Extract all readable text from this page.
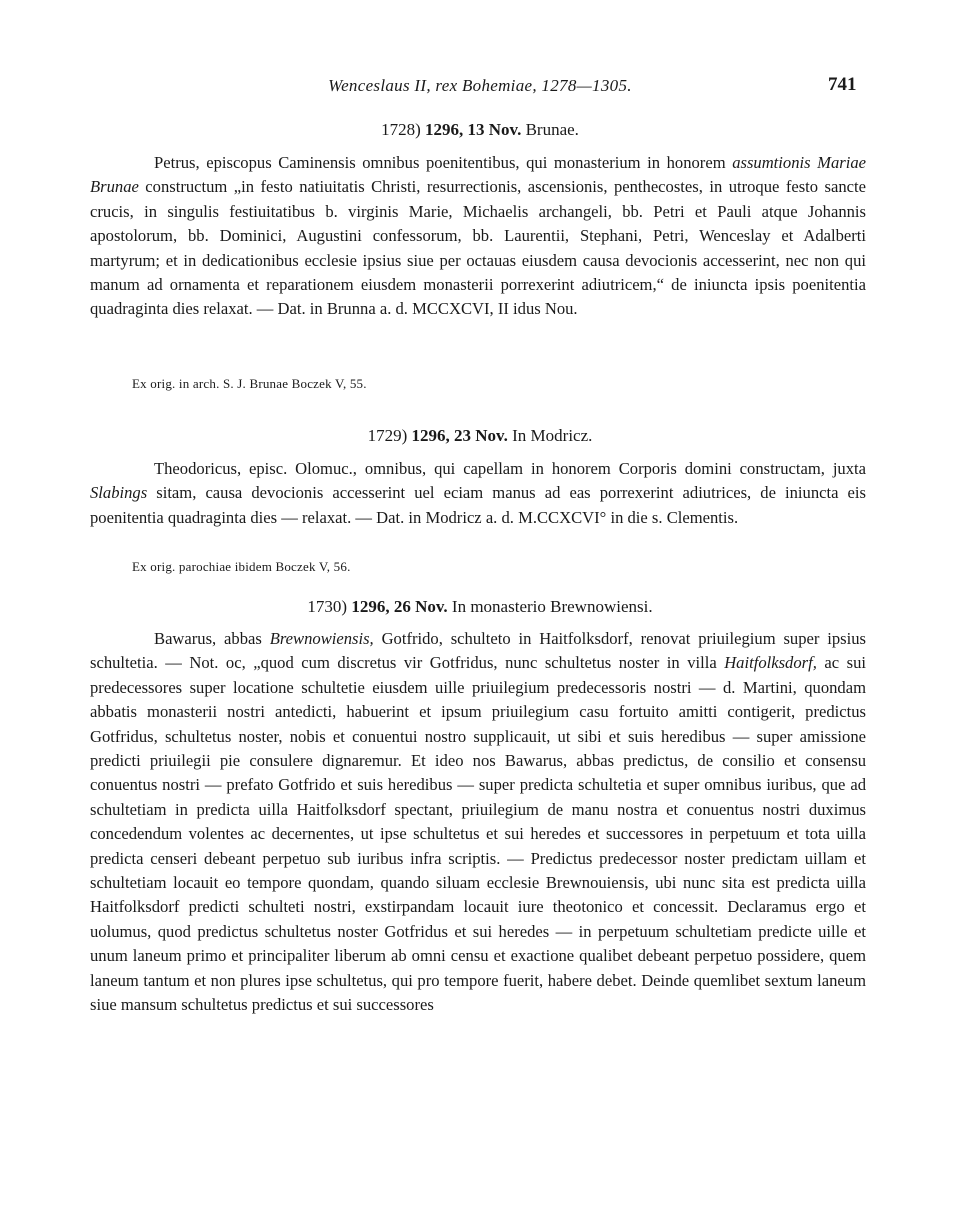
Wenceslaus II, rex Bohemiae, 1278—1305.	741
1728) 1296, 13 Nov. Brunae.
Petrus, episcopus Caminensis omnibus poenitentibus, qui monasterium in honorem assumtionis Mariae Brunae constructum „in festo natiuitatis Christi, resurrectionis, ascensionis, penthecostes, in utroque festo sancte crucis, in singulis festiuitatibus b. virginis Marie, Michaelis archangeli, bb. Petri et Pauli atque Johannis apostolorum, bb. Dominici, Augustini confessorum, bb. Laurentii, Stephani, Petri, Wenceslay et Adalberti martyrum; et in dedicationibus ecclesie ipsius siue per octauas eiusdem causa devocionis accesserint, nec non qui manum ad ornamenta et reparationem eiusdem monasterii porrexerint adiutricem,“ de iniuncta ipsis poenitentia quadraginta dies relaxat. — Dat. in Brunna a. d. MCCXCVI, II idus Nou.
Ex orig. in arch. S. J. Brunae Boczek V, 55.
1729) 1296, 23 Nov. In Modricz.
Theodoricus, episc. Olomuc., omnibus, qui capellam in honorem Corporis domini constructam, juxta Slabings sitam, causa devocionis accesserint uel eciam manus ad eas porrexerint adiutrices, de iniuncta eis poenitentia quadraginta dies — relaxat. — Dat. in Modricz a. d. M.CCXCVI° in die s. Clementis.
Ex orig. parochiae ibidem Boczek V, 56.
1730) 1296, 26 Nov. In monasterio Brewnowiensi.
Bawarus, abbas Brewnowiensis, Gotfrido, schulteto in Haitfolksdorf, renovat priuilegium super ipsius schultetia. — Not. oc, „quod cum discretus vir Gotfridus, nunc schultetus noster in villa Haitfolksdorf, ac sui predecessores super locatione schultetie eiusdem uille priuilegium predecessoris nostri — d. Martini, quondam abbatis monasterii nostri antedicti, habuerint et ipsum priuilegium casu fortuito amitti contigerit, predictus Gotfridus, schultetus noster, nobis et conuentui nostro supplicauit, ut sibi et suis heredibus — super amissione predicti priuilegii pie consulere dignaremur. Et ideo nos Bawarus, abbas predictus, de consilio et consensu conuentus nostri — prefato Gotfrido et suis heredibus — super predicta schultetia et super omnibus iuribus, que ad schultetiam in predicta uilla Haitfolksdorf spectant, priuilegium de manu nostra et conuentus nostri duximus concedendum volentes ac decernentes, ut ipse schultetus et sui heredes et successores in perpetuum et tota uilla predicta censeri debeant perpetuo sub iuribus infra scriptis. — Predictus predecessor noster predictam uillam et schultetiam locauit eo tempore quondam, quando siluam ecclesie Brewnouiensis, ubi nunc sita est predicta uilla Haitfolksdorf predicti schulteti nostri, exstirpandam locauit iure theotonico et concessit. Declaramus ergo et uolumus, quod predictus schultetus noster Gotfridus et sui heredes — in perpetuum schultetiam predicte uille et unum laneum primo et principaliter liberum ab omni censu et exactione qualibet debeant perpetuo possidere, quem laneum tantum et non plures ipse schultetus, qui pro tempore fuerit, habere debet. Deinde quemlibet sextum laneum siue mansum schultetus predictus et sui successores
